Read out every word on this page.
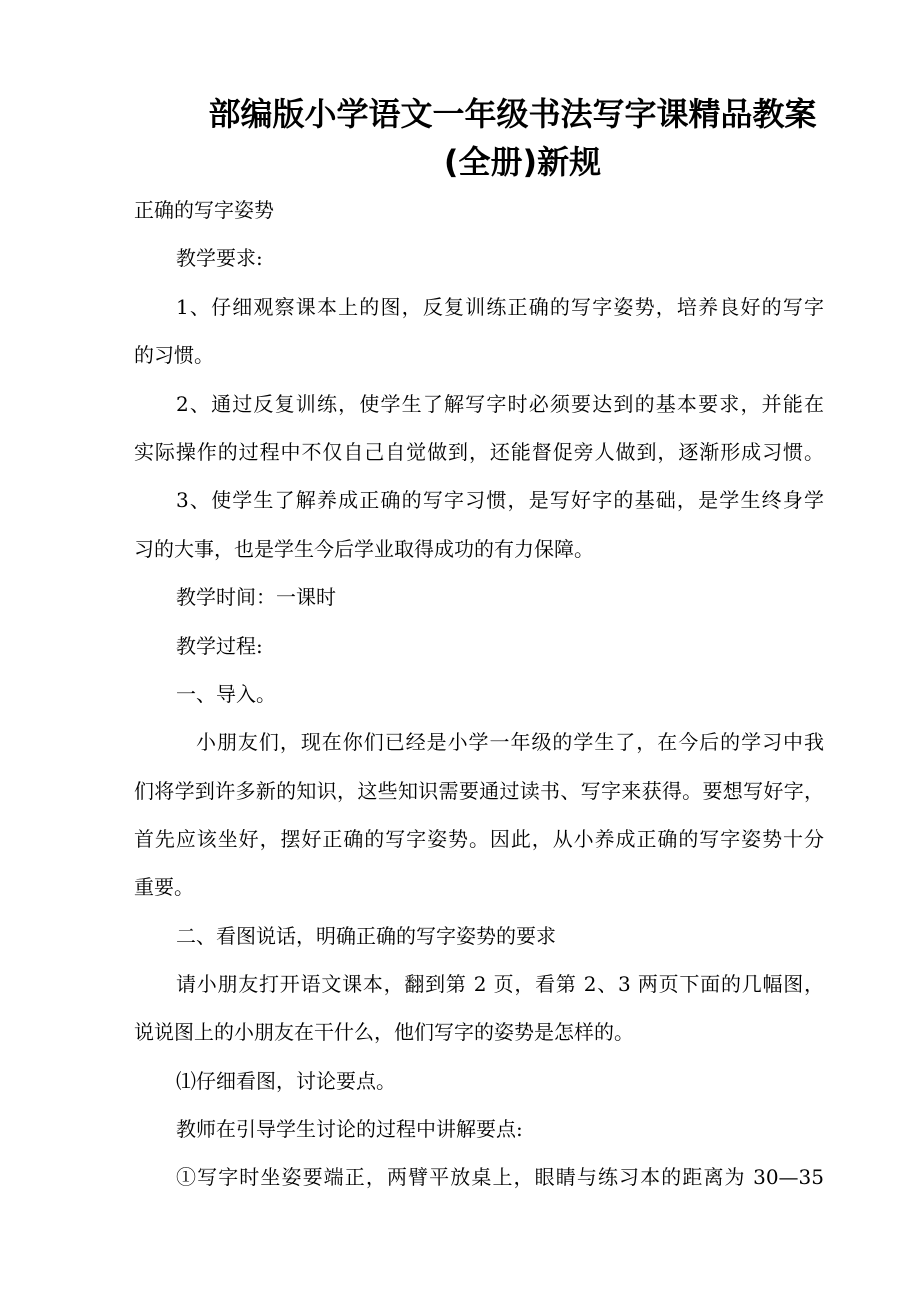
部编版小学语文一年级书法写字课精品教案
(全册)新规

正确的写字姿势

教学要求:

1、仔细观察课本上的图，反复训练正确的写字姿势，培养良好的写字

的习惯。

2、通过反复训练，使学生了解写字时必须要达到的基本要求，并能在

实际操作的过程中不仅自己自觉做到，还能督促旁人做到，逐渐形成习惯。

3、使学生了解养成正确的写字习惯，是写好字的基础，是学生终身学

习的大事，也是学生今后学业取得成功的有力保障。

教学时间：一课时

教学过程:

一、导入。

小朋友们，现在你们已经是小学一年级的学生了，在今后的学习中我

们将学到许多新的知识，这些知识需要通过读书、写字来获得。要想写好字，

首先应该坐好，摆好正确的写字姿势。因此，从小养成正确的写字姿势十分

重要。

二、看图说话，明确正确的写字姿势的要求

请小朋友打开语文课本，翻到第 2 页，看第 2、3 两页下面的几幅图，

说说图上的小朋友在干什么，他们写字的姿势是怎样的。

⑴仔细看图，讨论要点。

教师在引导学生讨论的过程中讲解要点:

①写字时坐姿要端正，两臂平放桌上，眼睛与练习本的距离为 30—35
